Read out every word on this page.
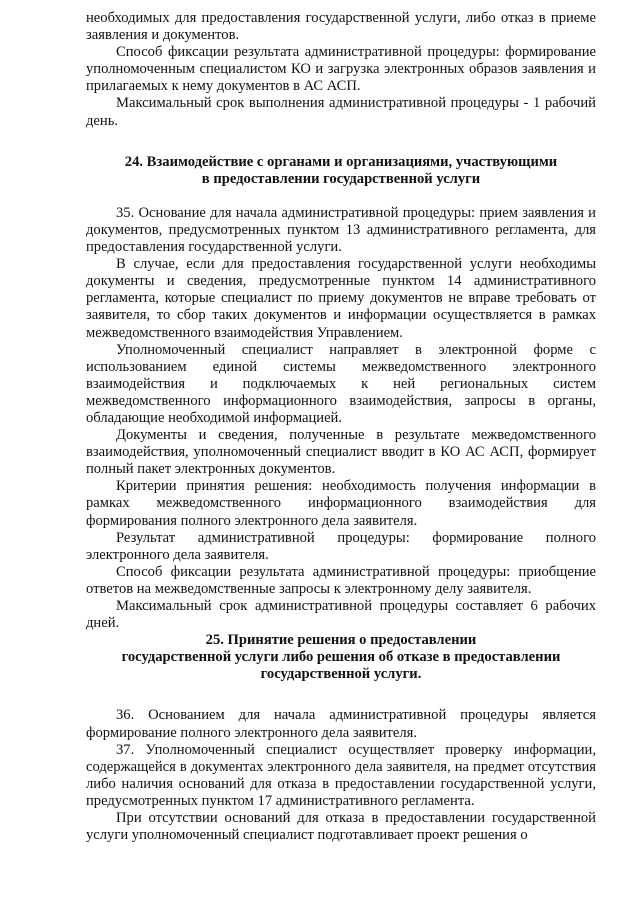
необходимых для предоставления государственной услуги, либо отказ в приеме заявления и документов.

Способ фиксации результата административной процедуры: формирование уполномоченным специалистом КО и загрузка электронных образов заявления и прилагаемых к нему документов в АС АСП.

Максимальный срок выполнения административной процедуры - 1 рабочий день.

24. Взаимодействие с органами и организациями, участвующими
в предоставлении государственной услуги

35. Основание для начала административной процедуры: прием заявления и документов, предусмотренных пунктом 13 административного регламента, для предоставления государственной услуги.

В случае, если для предоставления государственной услуги необходимы документы и сведения, предусмотренные пунктом 14 административного регламента, которые специалист по приему документов не вправе требовать от заявителя, то сбор таких документов и информации осуществляется в рамках межведомственного взаимодействия Управлением.

Уполномоченный специалист направляет в электронной форме с использованием единой системы межведомственного электронного взаимодействия и подключаемых к ней региональных систем межведомственного информационного взаимодействия, запросы в органы, обладающие необходимой информацией.

Документы и сведения, полученные в результате межведомственного взаимодействия, уполномоченный специалист вводит в КО АС АСП, формирует полный пакет электронных документов.

Критерии принятия решения: необходимость получения информации в рамках межведомственного информационного взаимодействия для формирования полного электронного дела заявителя.

Результат административной процедуры: формирование полного электронного дела заявителя.

Способ фиксации результата административной процедуры: приобщение ответов на межведомственные запросы к электронному делу заявителя.

Максимальный срок административной процедуры составляет 6 рабочих дней.

25. Принятие решения о предоставлении
государственной услуги либо решения об отказе в предоставлении
государственной услуги.

36. Основанием для начала административной процедуры является формирование полного электронного дела заявителя.

37. Уполномоченный специалист осуществляет проверку информации, содержащейся в документах электронного дела заявителя, на предмет отсутствия либо наличия оснований для отказа в предоставлении государственной услуги, предусмотренных пунктом 17 административного регламента.

При отсутствии оснований для отказа в предоставлении государственной услуги уполномоченный специалист подготавливает проект решения о
